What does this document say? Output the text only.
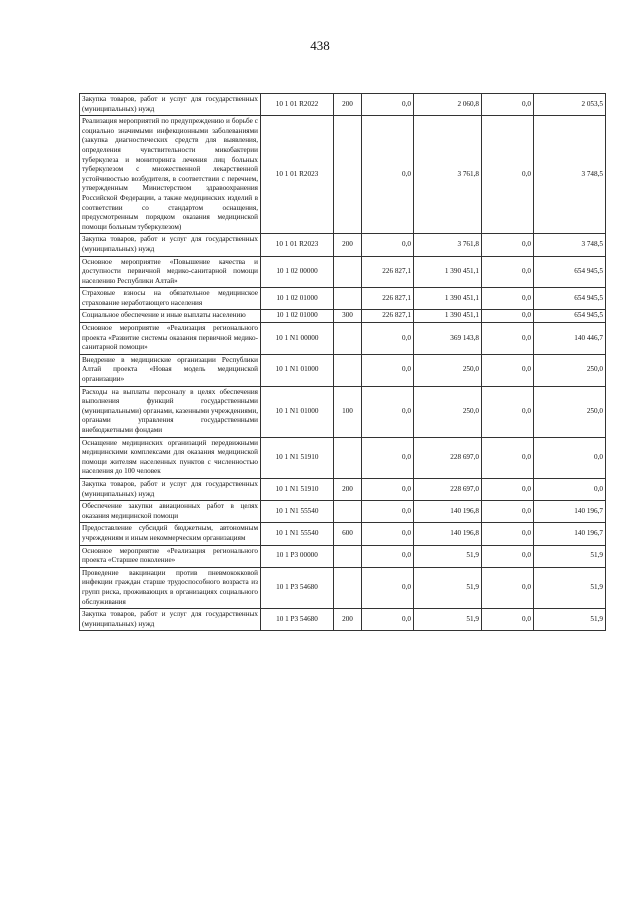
438
Закупка товаров, работ и услуг для государственных (муниципальных) нужд	10 1 01 R2022	200	0,0	2 060,8	0,0	2 053,5
Реализация мероприятий по предупреждению и борьбе с социально значимыми инфекционными заболеваниями (закупка диагностических средств для выявления, определения чувствительности микобактерии туберкулеза и мониторинга лечения лиц больных туберкулезом с множественной лекарственной устойчивостью возбудителя, в соответствии с перечнем, утвержденным Министерством здравоохранения Российской Федерации, а также медицинских изделий в соответствии со стандартом оснащения, предусмотренным порядком оказания медицинской помощи больным туберкулезом)	10 1 01 R2023		0,0	3 761,8	0,0	3 748,5
Закупка товаров, работ и услуг для государственных (муниципальных) нужд	10 1 01 R2023	200	0,0	3 761,8	0,0	3 748,5
Основное мероприятие «Повышение качества и доступности первичной медико-санитарной помощи населению Республики Алтай»	10 1 02 00000		226 827,1	1 390 451,1	0,0	654 945,5
Страховые взносы на обязательное медицинское страхование неработающего населения	10 1 02 01000		226 827,1	1 390 451,1	0,0	654 945,5
Социальное обеспечение и иные выплаты населению	10 1 02 01000	300	226 827,1	1 390 451,1	0,0	654 945,5
Основное мероприятие «Реализация регионального проекта «Развитие системы оказания первичной медико-санитарной помощи»	10 1 N1 00000		0,0	369 143,8	0,0	140 446,7
Внедрение в медицинские организации Республики Алтай проекта «Новая модель медицинской организации»	10 1 N1 01000		0,0	250,0	0,0	250,0
Расходы на выплаты персоналу в целях обеспечения выполнения функций государственными (муниципальными) органами, казенными учреждениями, органами управления государственными внебюджетными фондами	10 1 N1 01000	100	0,0	250,0	0,0	250,0
Оснащение медицинских организаций передвижными медицинскими комплексами для оказания медицинской помощи жителям населенных пунктов с численностью населения до 100 человек	10 1 N1 51910		0,0	228 697,0	0,0	0,0
Закупка товаров, работ и услуг для государственных (муниципальных) нужд	10 1 N1 51910	200	0,0	228 697,0	0,0	0,0
Обеспечение закупки авиационных работ в целях оказания медицинской помощи	10 1 N1 55540		0,0	140 196,8	0,0	140 196,7
Предоставление субсидий бюджетным, автономным учреждениям и иным некоммерческим организациям	10 1 N1 55540	600	0,0	140 196,8	0,0	140 196,7
Основное мероприятие «Реализация регионального проекта «Старшее поколение»	10 1 P3 00000		0,0	51,9	0,0	51,9
Проведение вакцинации против пневмококковой инфекции граждан старше трудоспособного возраста из групп риска, проживающих в организациях социального обслуживания	10 1 P3 54680		0,0	51,9	0,0	51,9
Закупка товаров, работ и услуг для государственных (муниципальных) нужд	10 1 P3 54680	200	0,0	51,9	0,0	51,9
